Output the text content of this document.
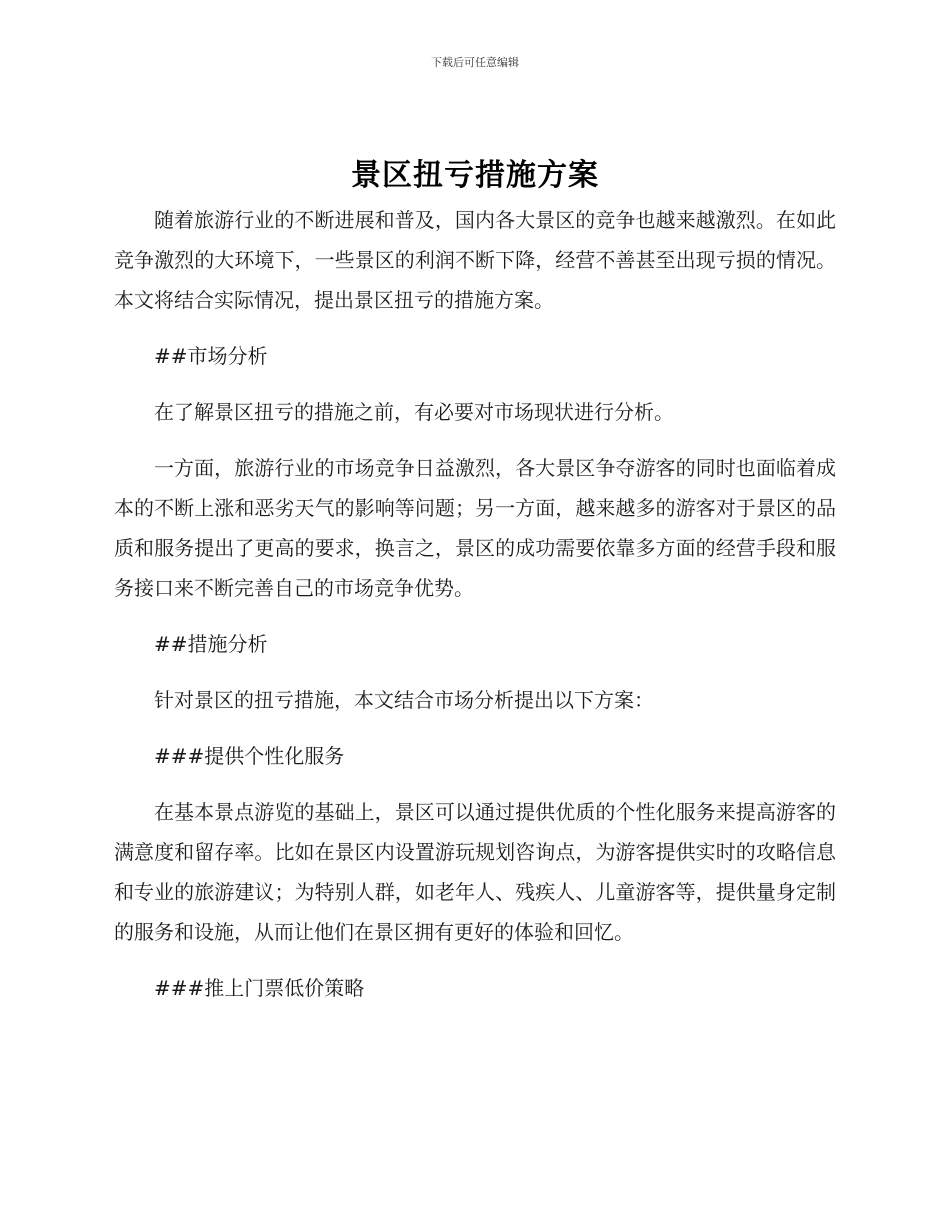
下载后可任意编辑
景区扭亏措施方案

随着旅游行业的不断进展和普及，国内各大景区的竞争也越来越激烈。在如此竞争激烈的大环境下，一些景区的利润不断下降，经营不善甚至出现亏损的情况。本文将结合实际情况，提出景区扭亏的措施方案。

##市场分析

在了解景区扭亏的措施之前，有必要对市场现状进行分析。

一方面，旅游行业的市场竞争日益激烈，各大景区争夺游客的同时也面临着成本的不断上涨和恶劣天气的影响等问题；另一方面，越来越多的游客对于景区的品质和服务提出了更高的要求，换言之，景区的成功需要依靠多方面的经营手段和服务接口来不断完善自己的市场竞争优势。

##措施分析

针对景区的扭亏措施，本文结合市场分析提出以下方案：

###提供个性化服务

在基本景点游览的基础上，景区可以通过提供优质的个性化服务来提高游客的满意度和留存率。比如在景区内设置游玩规划咨询点，为游客提供实时的攻略信息和专业的旅游建议；为特别人群，如老年人、残疾人、儿童游客等，提供量身定制的服务和设施，从而让他们在景区拥有更好的体验和回忆。

###推上门票低价策略
